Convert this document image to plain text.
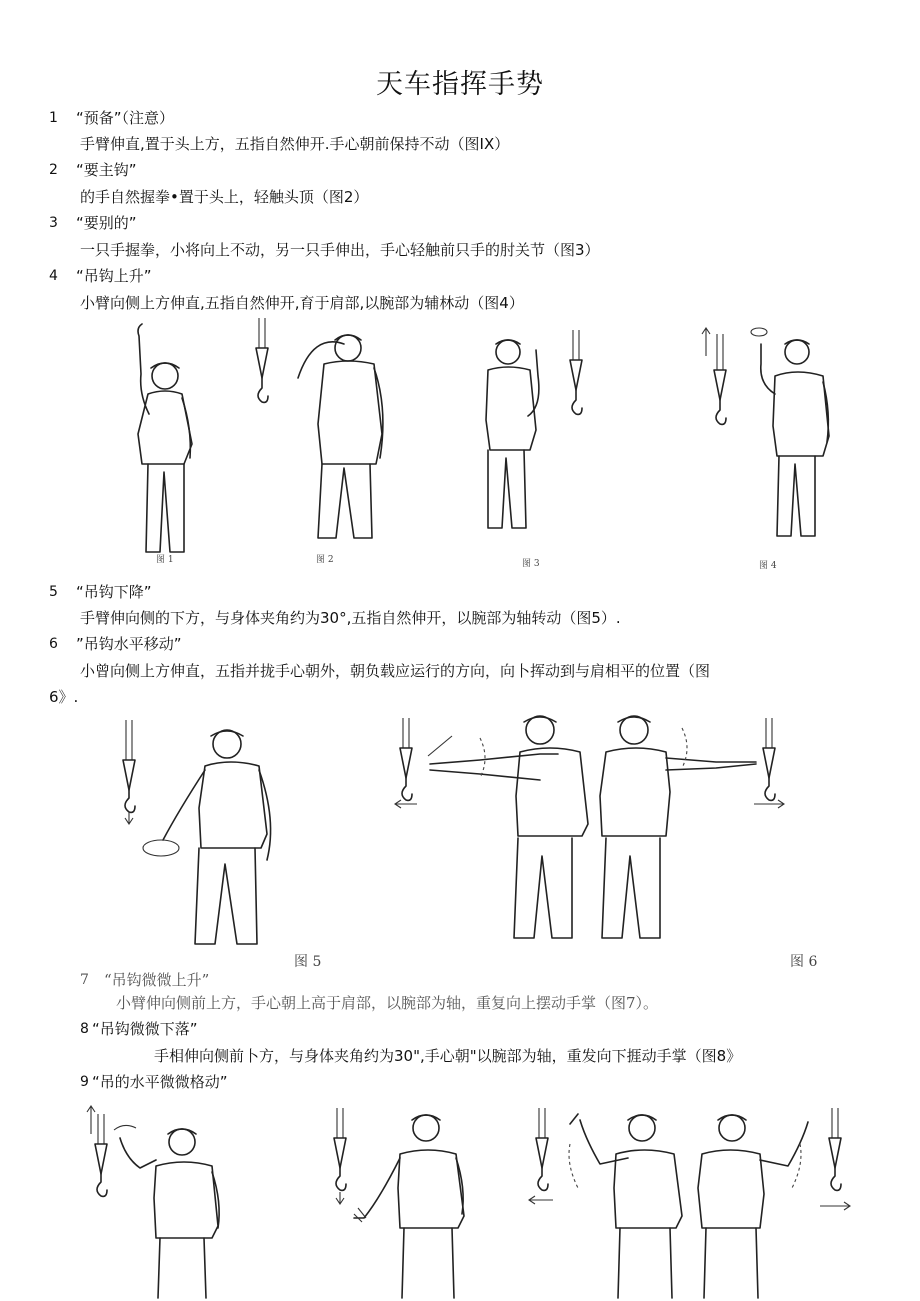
天车指挥手势
1 “预备”（注意）
手臂伸直,置于头上方，五指自然伸开.手心朝前保持不动（图IX）
2 “要主钩”
的手自然握拳•置于头上，轻触头顶（图2）
3 “要别的”
一只手握拳，小将向上不动，另一只手伸出，手心轻触前只手的肘关节（图3）
4 “吊钩上升”
小臂向侧上方伸直,五指自然伸开,育于肩部,以腕部为辅林动（图4）
图 1	图 2	图 3	图 4
5 “吊钩下降”
手臂伸向侧的下方，与身体夹角约为30°,五指自然伸开，以腕部为轴转动（图5）.
6 ”吊钩水平移动”
小曾向侧上方伸直，五指并拢手心朝外，朝负载应运行的方向，向卜挥动到与肩相平的位置（图
6》.
图 5	图 6
7 “吊钩微微上升”
小臂伸向侧前上方，手心朝上高于肩部，以腕部为轴，重复向上摆动手掌（图7）。
8 “吊钩微微下落”
手相伸向侧前卜方，与身体夹角约为30",手心朝"以腕部为轴，重发向下捱动手掌（图8》
9 “吊的水平微微格动”
